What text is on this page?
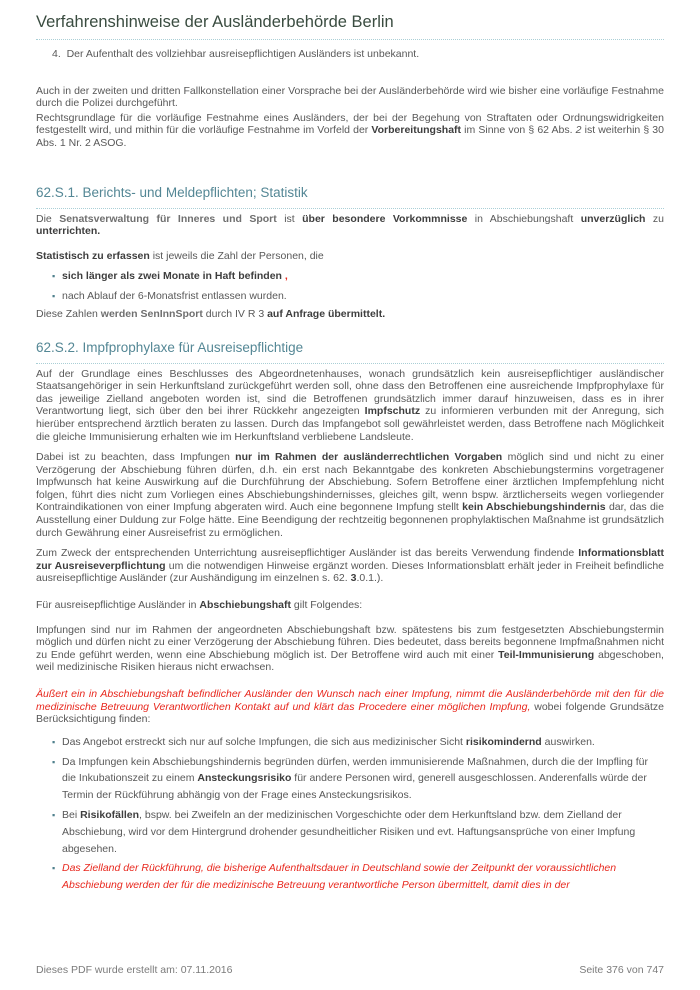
Verfahrenshinweise der Ausländerbehörde Berlin

4.  Der Aufenthalt des vollziehbar ausreisepflichtigen Ausländers ist unbekannt.

Auch in der zweiten und dritten Fallkonstellation einer Vorsprache bei der Ausländerbehörde wird wie bisher eine vorläufige Festnahme durch die Polizei durchgeführt.

Rechtsgrundlage für die vorläufige Festnahme eines Ausländers, der bei der Begehung von Straftaten oder Ordnungswidrigkeiten festgestellt wird, und mithin für die vorläufige Festnahme im Vorfeld der Vorbereitungshaft im Sinne von § 62 Abs. 2 ist weiterhin § 30 Abs. 1 Nr. 2 ASOG.

62.S.1. Berichts- und Meldepflichten; Statistik

Die Senatsverwaltung für Inneres und Sport ist über besondere Vorkommnisse in Abschiebungshaft unverzüglich zu unterrichten.

Statistisch zu erfassen ist jeweils die Zahl der Personen, die

▪ sich länger als zwei Monate in Haft befinden ,
▪ nach Ablauf der 6-Monatsfrist entlassen wurden.

Diese Zahlen werden SenInnSport durch IV R 3 auf Anfrage übermittelt.

62.S.2. Impfprophylaxe für Ausreisepflichtige

Auf der Grundlage eines Beschlusses des Abgeordnetenhauses, wonach grundsätzlich kein ausreisepflichtiger ausländischer Staatsangehöriger in sein Herkunftsland zurückgeführt werden soll, ohne dass den Betroffenen eine ausreichende Impfprophylaxe für das jeweilige Zielland angeboten worden ist, sind die Betroffenen grundsätzlich immer darauf hinzuweisen, dass es in ihrer Verantwortung liegt, sich über den bei ihrer Rückkehr angezeigten Impfschutz zu informieren verbunden mit der Anregung, sich hierüber entsprechend ärztlich beraten zu lassen. Durch das Impfangebot soll gewährleistet werden, dass Betroffene nach Möglichkeit die gleiche Immunisierung erhalten wie im Herkunftsland verbliebene Landsleute.

Dabei ist zu beachten, dass Impfungen nur im Rahmen der ausländerrechtlichen Vorgaben möglich sind und nicht zu einer Verzögerung der Abschiebung führen dürfen, d.h. ein erst nach Bekanntgabe des konkreten Abschiebungstermins vorgetragener Impfwunsch hat keine Auswirkung auf die Durchführung der Abschiebung. Sofern Betroffene einer ärztlichen Impfempfehlung nicht folgen, führt dies nicht zum Vorliegen eines Abschiebungshindernisses, gleiches gilt, wenn bspw. ärztlicherseits wegen vorliegender Kontraindikationen von einer Impfung abgeraten wird. Auch eine begonnene Impfung stellt kein Abschiebungshindernis dar, das die Ausstellung einer Duldung zur Folge hätte. Eine Beendigung der rechtzeitig begonnenen prophylaktischen Maßnahme ist grundsätzlich durch Gewährung einer Ausreisefrist zu ermöglichen.

Zum Zweck der entsprechenden Unterrichtung ausreisepflichtiger Ausländer ist das bereits Verwendung findende Informationsblatt zur Ausreiseverpflichtung um die notwendigen Hinweise ergänzt worden. Dieses Informationsblatt erhält jeder in Freiheit befindliche ausreisepflichtige Ausländer (zur Aushändigung im einzelnen s. 62. 3.0.1.).

Für ausreisepflichtige Ausländer in Abschiebungshaft gilt Folgendes:

Impfungen sind nur im Rahmen der angeordneten Abschiebungshaft bzw. spätestens bis zum festgesetzten Abschiebungstermin möglich und dürfen nicht zu einer Verzögerung der Abschiebung führen. Dies bedeutet, dass bereits begonnene Impfmaßnahmen nicht zu Ende geführt werden, wenn eine Abschiebung möglich ist. Der Betroffene wird auch mit einer Teil-Immunisierung abgeschoben, weil medizinische Risiken hieraus nicht erwachsen.

Äußert ein in Abschiebungshaft befindlicher Ausländer den Wunsch nach einer Impfung, nimmt die Ausländerbehörde mit den für die medizinische Betreuung Verantwortlichen Kontakt auf und klärt das Procedere einer möglichen Impfung, wobei folgende Grundsätze Berücksichtigung finden:

▪ Das Angebot erstreckt sich nur auf solche Impfungen, die sich aus medizinischer Sicht risikomindernd auswirken.
▪ Da Impfungen kein Abschiebungshindernis begründen dürfen, werden immunisierende Maßnahmen, durch die der Impfling für die Inkubationszeit zu einem Ansteckungsrisiko für andere Personen wird, generell ausgeschlossen. Anderenfalls würde der Termin der Rückführung abhängig von der Frage eines Ansteckungsrisikos.
▪ Bei Risikofällen, bspw. bei Zweifeln an der medizinischen Vorgeschichte oder dem Herkunftsland bzw. dem Zielland der Abschiebung, wird vor dem Hintergrund drohender gesundheitlicher Risiken und evt. Haftungsansprüche von einer Impfung abgesehen.
▪ Das Zielland der Rückführung, die bisherige Aufenthaltsdauer in Deutschland sowie der Zeitpunkt der voraussichtlichen Abschiebung werden der für die medizinische Betreuung verantwortliche Person übermittelt, damit dies in der
Dieses PDF wurde erstellt am: 07.11.2016	Seite 376 von 747
